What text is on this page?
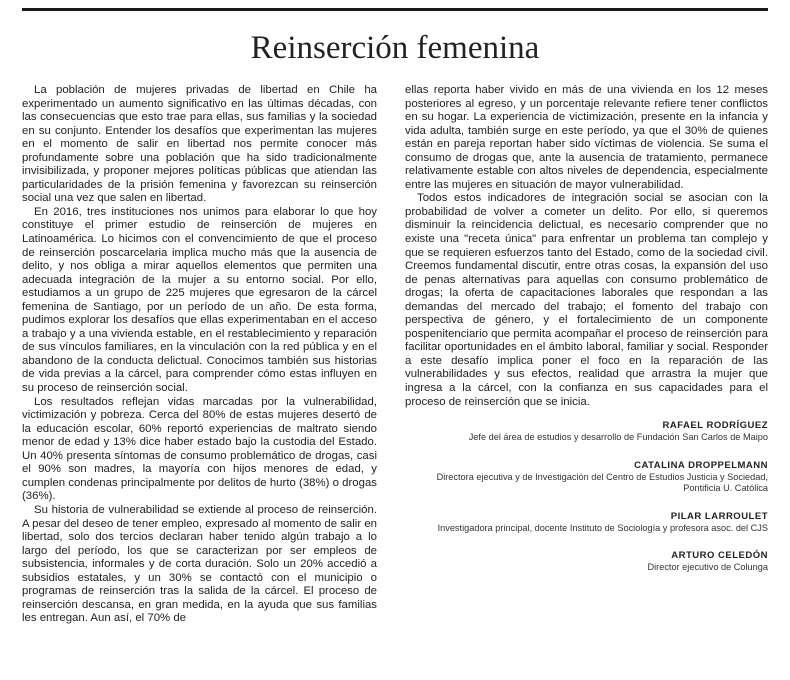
Reinserción femenina

La población de mujeres privadas de libertad en Chile ha experimentado un aumento significativo en las últimas décadas, con las consecuencias que esto trae para ellas, sus familias y la sociedad en su conjunto. Entender los desafíos que experimentan las mujeres en el momento de salir en libertad nos permite conocer más profundamente sobre una población que ha sido tradicionalmente invisibilizada, y proponer mejores políticas públicas que atiendan las particularidades de la prisión femenina y favorezcan su reinserción social una vez que salen en libertad.

En 2016, tres instituciones nos unimos para elaborar lo que hoy constituye el primer estudio de reinserción de mujeres en Latinoamérica. Lo hicimos con el convencimiento de que el proceso de reinserción poscarcelaria implica mucho más que la ausencia de delito, y nos obliga a mirar aquellos elementos que permiten una adecuada integración de la mujer a su entorno social. Por ello, estudiamos a un grupo de 225 mujeres que egresaron de la cárcel femenina de Santiago, por un período de un año. De esta forma, pudimos explorar los desafíos que ellas experimentaban en el acceso a trabajo y a una vivienda estable, en el restablecimiento y reparación de sus vínculos familiares, en la vinculación con la red pública y en el abandono de la conducta delictual. Conocimos también sus historias de vida previas a la cárcel, para comprender cómo estas influyen en su proceso de reinserción social.

Los resultados reflejan vidas marcadas por la vulnerabilidad, victimización y pobreza. Cerca del 80% de estas mujeres desertó de la educación escolar, 60% reportó experiencias de maltrato siendo menor de edad y 13% dice haber estado bajo la custodia del Estado. Un 40% presenta síntomas de consumo problemático de drogas, casi el 90% son madres, la mayoría con hijos menores de edad, y cumplen condenas principalmente por delitos de hurto (38%) o drogas (36%).

Su historia de vulnerabilidad se extiende al proceso de reinserción. A pesar del deseo de tener empleo, expresado al momento de salir en libertad, solo dos tercios declaran haber tenido algún trabajo a lo largo del período, los que se caracterizan por ser empleos de subsistencia, informales y de corta duración. Solo un 20% accedió a subsidios estatales, y un 30% se contactó con el municipio o programas de reinserción tras la salida de la cárcel. El proceso de reinserción descansa, en gran medida, en la ayuda que sus familias les entregan. Aun así, el 70% de

ellas reporta haber vivido en más de una vivienda en los 12 meses posteriores al egreso, y un porcentaje relevante refiere tener conflictos en su hogar. La experiencia de victimización, presente en la infancia y vida adulta, también surge en este período, ya que el 30% de quienes están en pareja reportan haber sido víctimas de violencia. Se suma el consumo de drogas que, ante la ausencia de tratamiento, permanece relativamente estable con altos niveles de dependencia, especialmente entre las mujeres en situación de mayor vulnerabilidad.

Todos estos indicadores de integración social se asocian con la probabilidad de volver a cometer un delito. Por ello, si queremos disminuir la reincidencia delictual, es necesario comprender que no existe una "receta única" para enfrentar un problema tan complejo y que se requieren esfuerzos tanto del Estado, como de la sociedad civil. Creemos fundamental discutir, entre otras cosas, la expansión del uso de penas alternativas para aquellas con consumo problemático de drogas; la oferta de capacitaciones laborales que respondan a las demandas del mercado del trabajo; el fomento del trabajo con perspectiva de género, y el fortalecimiento de un componente pospenitenciario que permita acompañar el proceso de reinserción para facilitar oportunidades en el ámbito laboral, familiar y social. Responder a este desafío implica poner el foco en la reparación de las vulnerabilidades y sus efectos, realidad que arrastra la mujer que ingresa a la cárcel, con la confianza en sus capacidades para el proceso de reinserción que se inicia.

RAFAEL RODRÍGUEZ
Jefe del área de estudios y desarrollo de Fundación San Carlos de Maipo
CATALINA DROPPELMANN
Directora ejecutiva y de Investigación del Centro de Estudios Justicia y Sociedad,
Pontificia U. Católica
PILAR LARROULET
Investigadora principal, docente Instituto de Sociología y profesora asoc. del CJS
ARTURO CELEDÓN
Director ejecutivo de Colunga
